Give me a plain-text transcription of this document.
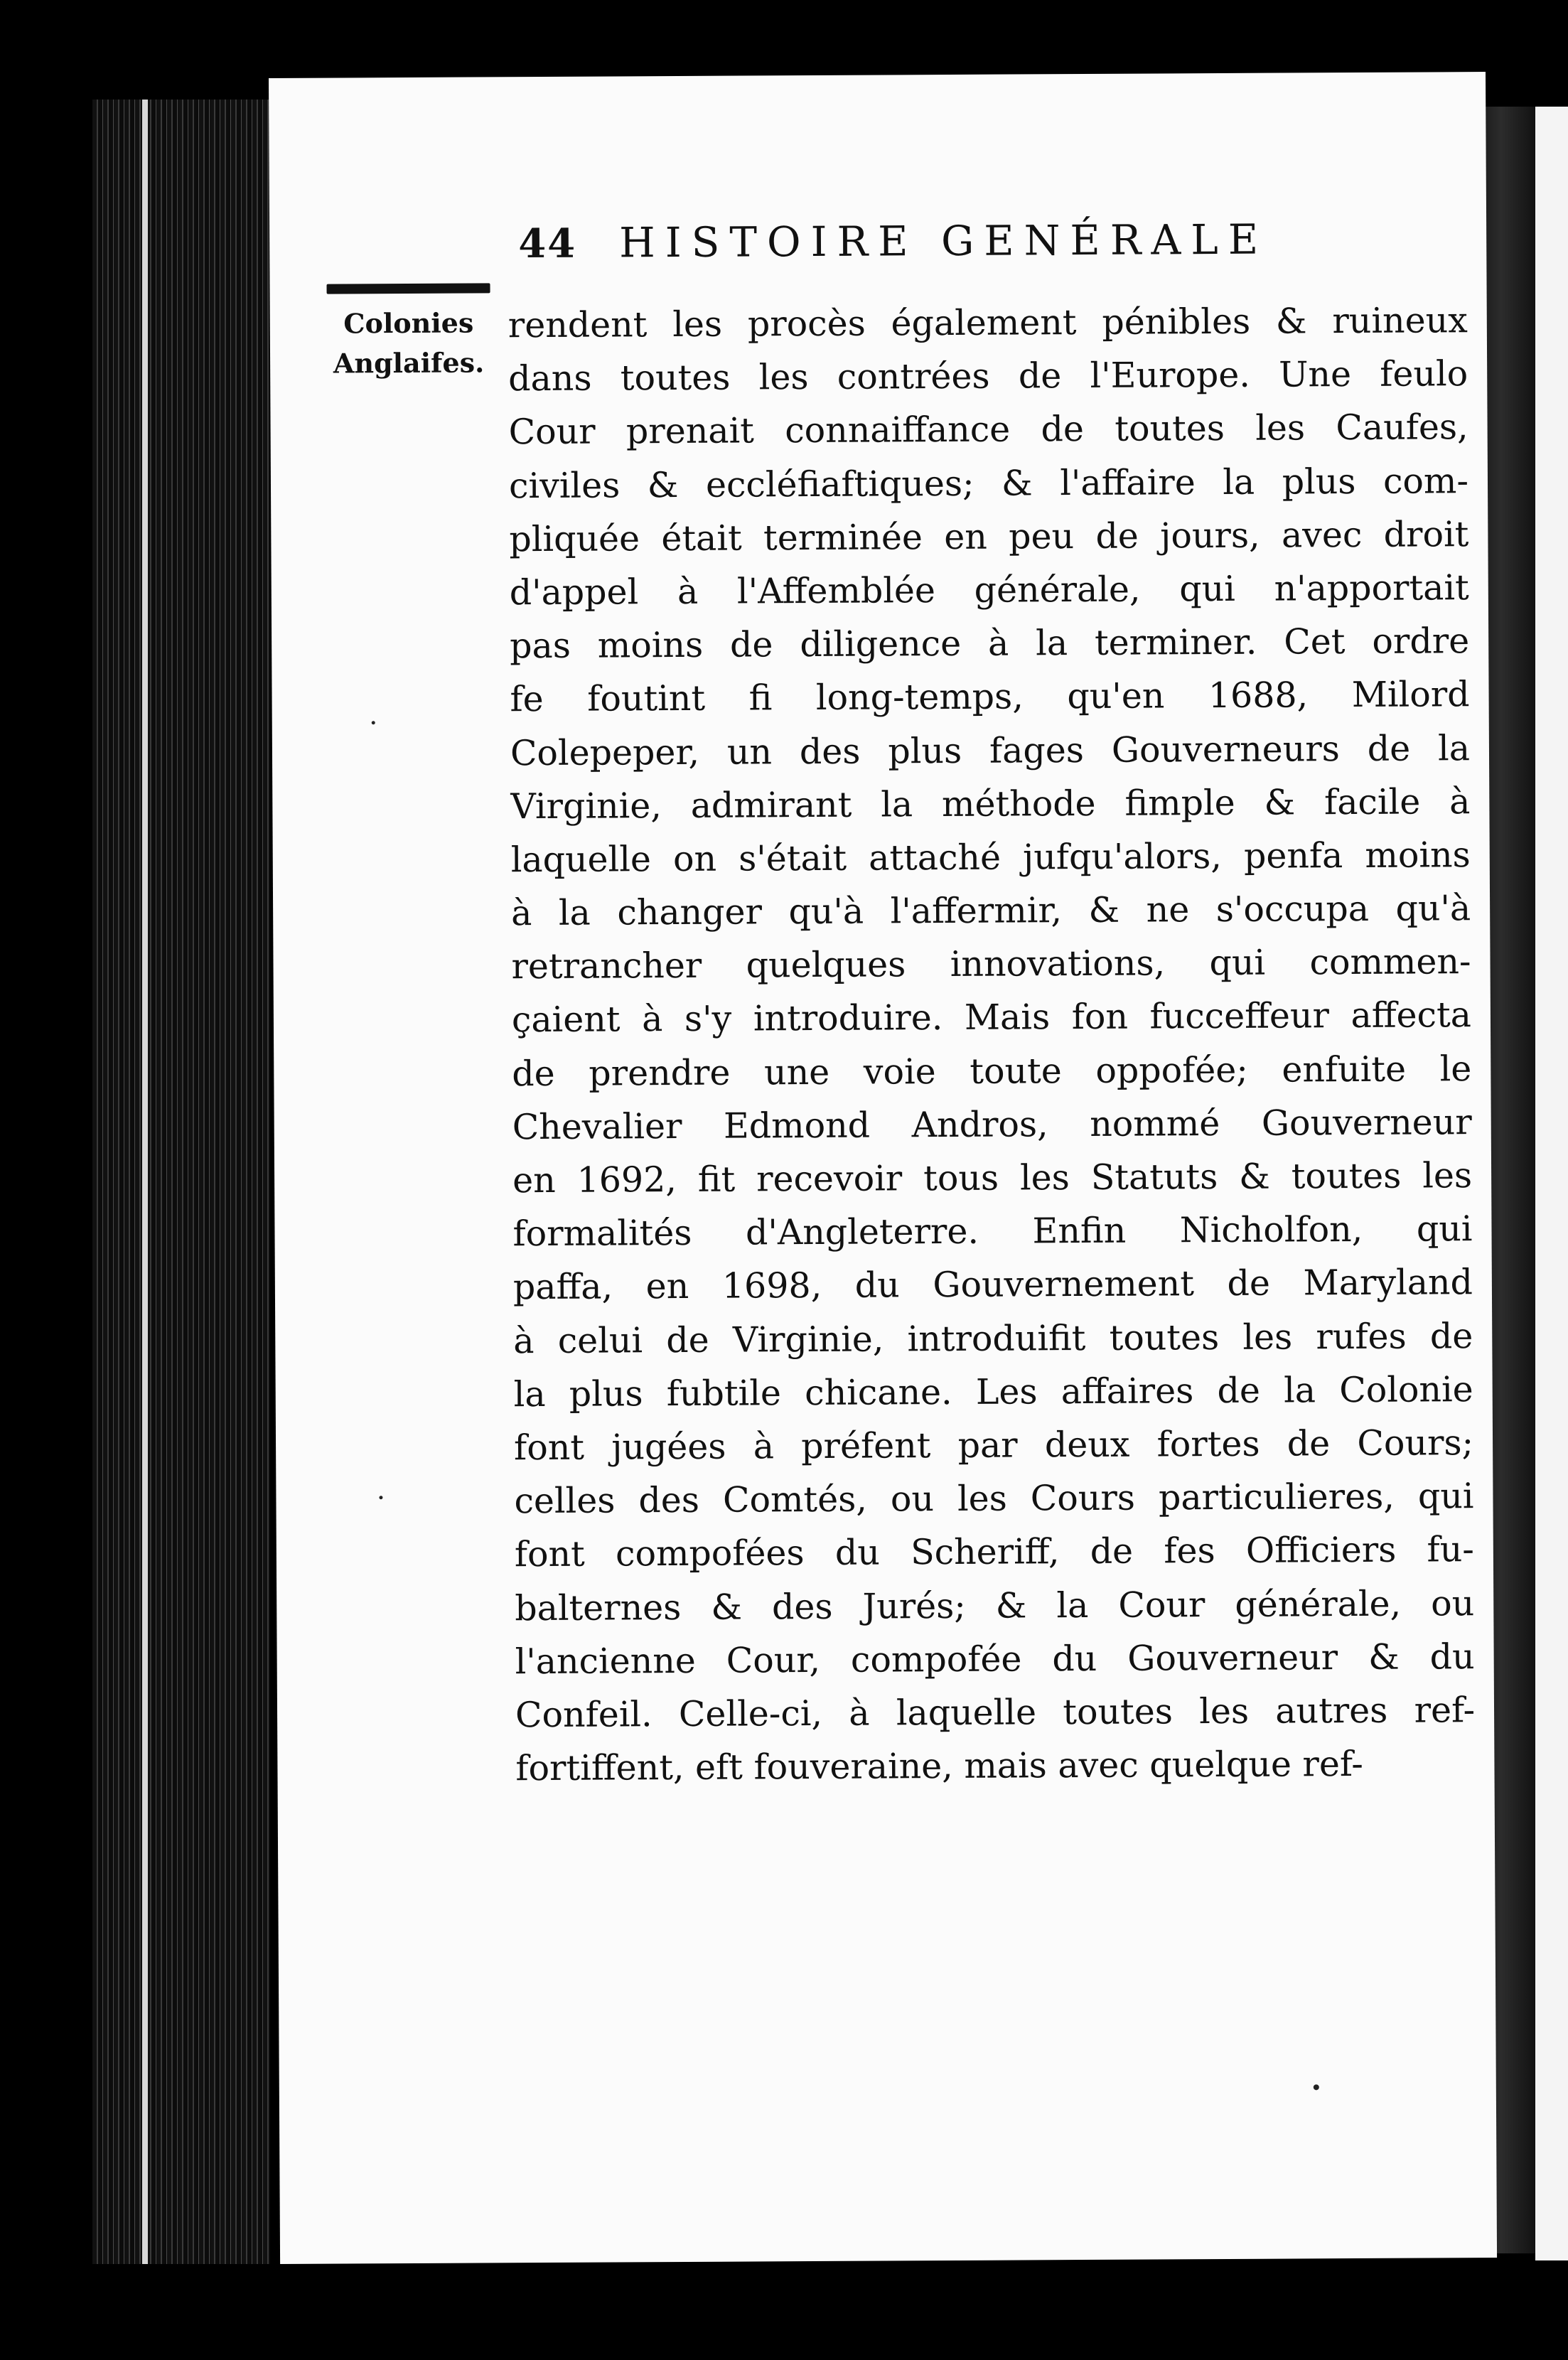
44 HISTOIRE GENÉRALE
Colonies
Anglaifes.
rendent les procès également pénibles & ruineux
dans toutes les contrées de l'Europe. Une feulo
Cour prenait connaiffance de toutes les Caufes,
civiles & eccléfiaftiques; & l'affaire la plus com-
pliquée était terminée en peu de jours, avec droit
d'appel à l'Affemblée générale, qui n'apportait
pas moins de diligence à la terminer. Cet ordre
fe foutint fi long-temps, qu'en 1688, Milord
Colepeper, un des plus fages Gouverneurs de la
Virginie, admirant la méthode fimple & facile à
laquelle on s'était attaché jufqu'alors, penfa moins
à la changer qu'à l'affermir, & ne s'occupa qu'à
retrancher quelques innovations, qui commen-
çaient à s'y introduire. Mais fon fucceffeur affecta
de prendre une voie toute oppofée; enfuite le
Chevalier Edmond Andros, nommé Gouverneur
en 1692, fit recevoir tous les Statuts & toutes les
formalités d'Angleterre. Enfin Nicholfon, qui
paffa, en 1698, du Gouvernement de Maryland
à celui de Virginie, introduifit toutes les rufes de
la plus fubtile chicane. Les affaires de la Colonie
font jugées à préfent par deux fortes de Cours;
celles des Comtés, ou les Cours particulieres, qui
font compofées du Scheriff, de fes Officiers fu-
balternes & des Jurés; & la Cour générale, ou
l'ancienne Cour, compofée du Gouverneur & du
Confeil. Celle-ci, à laquelle toutes les autres ref-
fortiffent, eft fouveraine, mais avec quelque ref-
